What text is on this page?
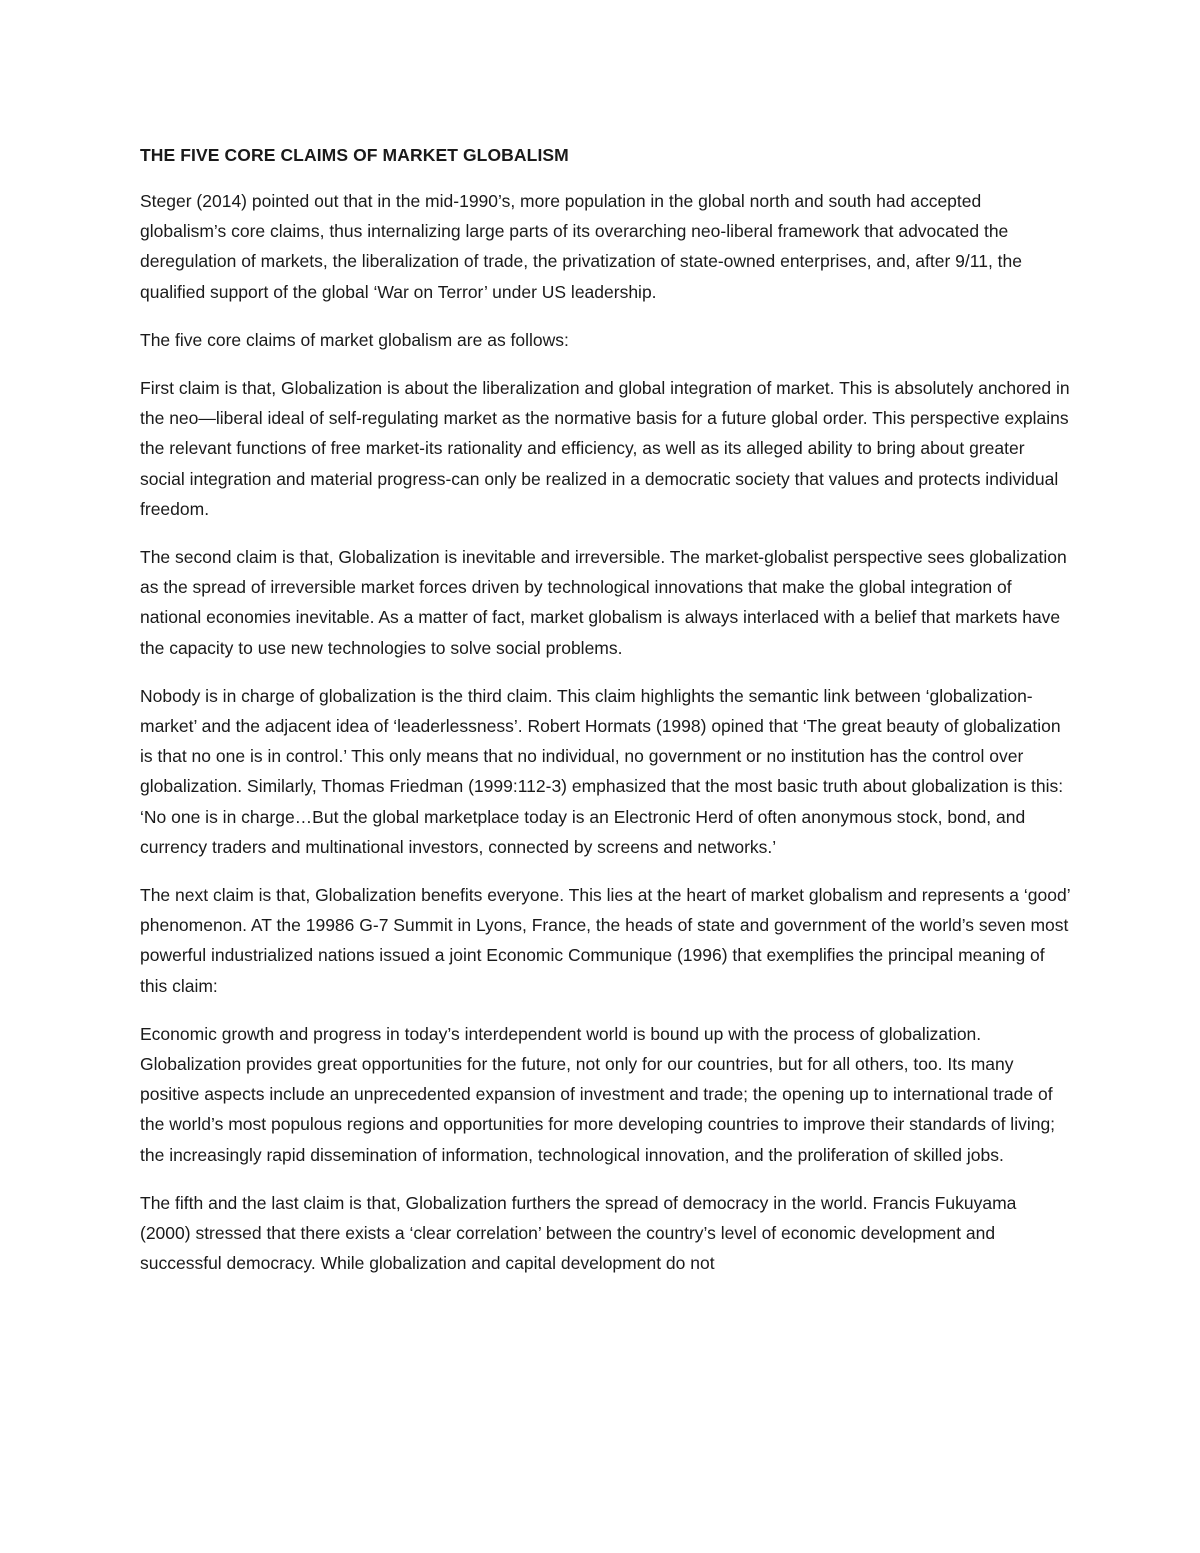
THE FIVE CORE CLAIMS OF MARKET GLOBALISM

Steger (2014) pointed out that in the mid-1990’s, more population in the global north and south had accepted globalism’s core claims, thus internalizing large parts of its overarching neo-liberal framework that advocated the deregulation of markets, the liberalization of trade, the privatization of state-owned enterprises, and, after 9/11, the qualified support of the global ‘War on Terror’ under US leadership.

The five core claims of market globalism are as follows:

First claim is that, Globalization is about the liberalization and global integration of market. This is absolutely anchored in the neo—liberal ideal of self-regulating market as the normative basis for a future global order. This perspective explains the relevant functions of free market-its rationality and efficiency, as well as its alleged ability to bring about greater social integration and material progress-can only be realized in a democratic society that values and protects individual freedom.

The second claim is that, Globalization is inevitable and irreversible. The market-globalist perspective sees globalization as the spread of irreversible market forces driven by technological innovations that make the global integration of national economies inevitable. As a matter of fact, market globalism is always interlaced with a belief that markets have the capacity to use new technologies to solve social problems.

Nobody is in charge of globalization is the third claim. This claim highlights the semantic link between ‘globalization-market’ and the adjacent idea of ‘leaderlessness’. Robert Hormats (1998) opined that ‘The great beauty of globalization is that no one is in control.’ This only means that no individual, no government or no institution has the control over globalization. Similarly, Thomas Friedman (1999:112-3) emphasized that the most basic truth about globalization is this: ‘No one is in charge…But the global marketplace today is an Electronic Herd of often anonymous stock, bond, and currency traders and multinational investors, connected by screens and networks.’

The next claim is that, Globalization benefits everyone. This lies at the heart of market globalism and represents a ‘good’ phenomenon. AT the 19986 G-7 Summit in Lyons, France, the heads of state and government of the world’s seven most powerful industrialized nations issued a joint Economic Communique (1996) that exemplifies the principal meaning of this claim:

Economic growth and progress in today’s interdependent world is bound up with the process of globalization. Globalization provides great opportunities for the future, not only for our countries, but for all others, too. Its many positive aspects include an unprecedented expansion of investment and trade; the opening up to international trade of the world’s most populous regions and opportunities for more developing countries to improve their standards of living; the increasingly rapid dissemination of information, technological innovation, and the proliferation of skilled jobs.

The fifth and the last claim is that, Globalization furthers the spread of democracy in the world. Francis Fukuyama (2000) stressed that there exists a ‘clear correlation’ between the country’s level of economic development and successful democracy. While globalization and capital development do not
